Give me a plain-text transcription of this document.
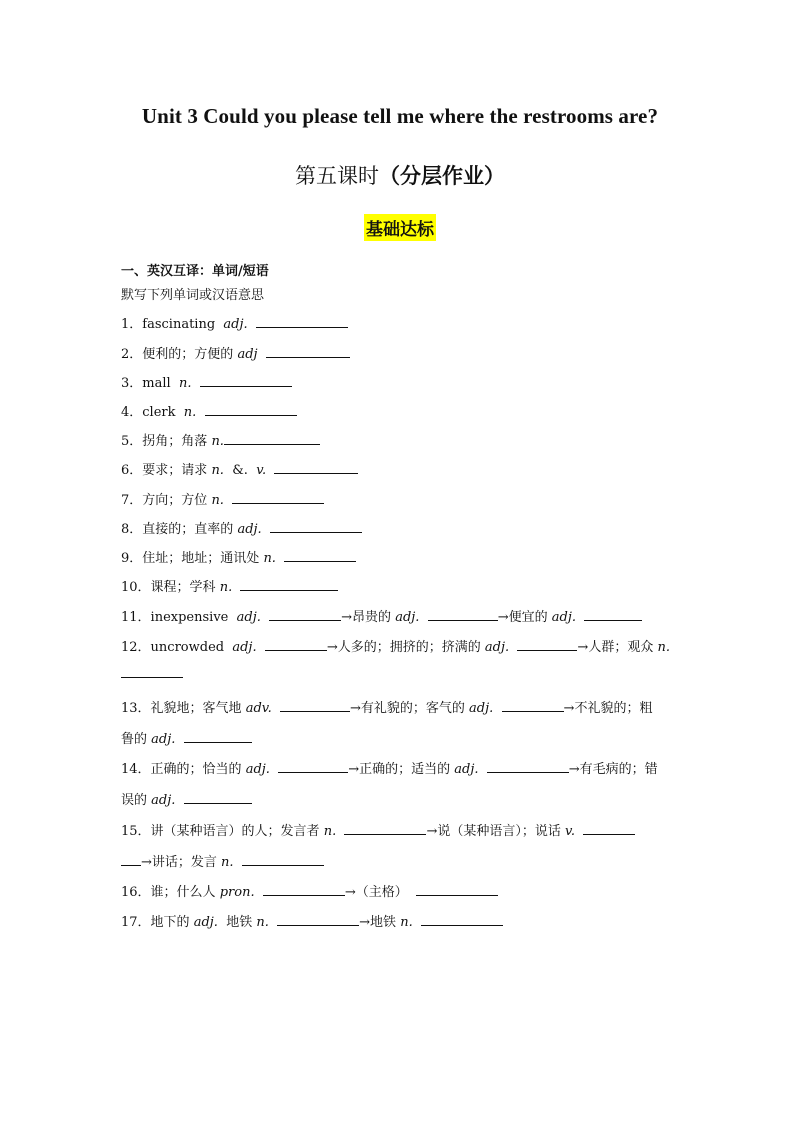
Unit 3 Could you please tell me where the restrooms are?
第五课时（分层作业）
基础达标
一、英汉互译：单词/短语
默写下列单词或汉语意思
1．fascinating adj.
2．便利的；方便的 adj
3．mall n.
4．clerk n.
5．拐角；角落 n.
6．要求；请求 n. &. v.
7．方向；方位 n.
8．直接的；直率的 adj.
9．住址；地址；通讯处 n.
10．课程；学科 n.
11．inexpensive adj.	→昂贵的 adj.	→便宜的 adj.
12．uncrowded adj.	→人多的；拥挤的；挤满的 adj.	→人群；观众 n.
13．礼貌地；客气地 adv.	→有礼貌的；客气的 adj.	→不礼貌的；粗
鲁的 adj.
14．正确的；恰当的 adj.	→正确的；适当的 adj.	→有毛病的；错
误的 adj.
15．讲（某种语言）的人；发言者 n.	→说（某种语言）；说话 v.
→讲话；发言 n.
16．谁；什么人 pron.	→（主格）
17．地下的 adj. 地铁 n.	→地铁 n.
